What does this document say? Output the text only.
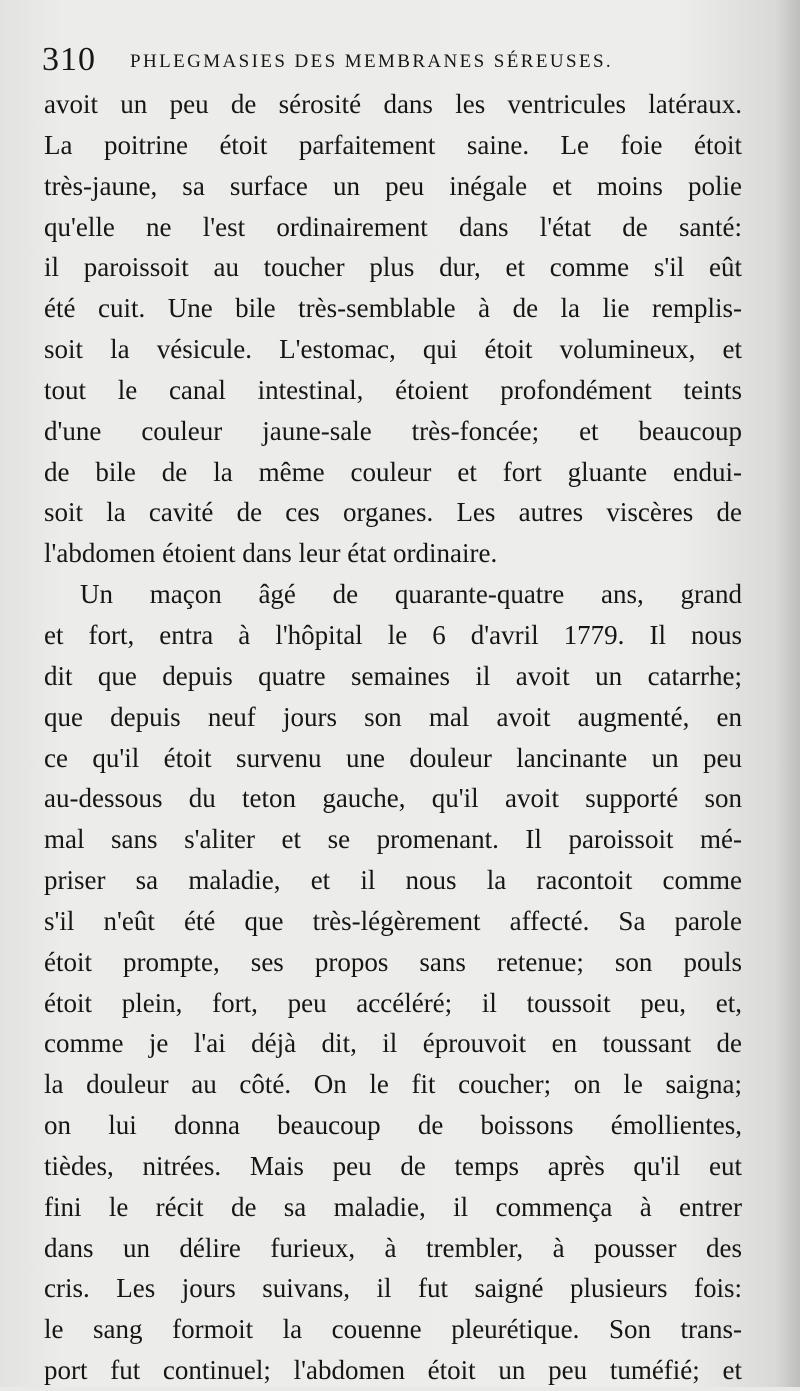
310 PHLEGMASIES DES MEMBRANES SÉREUSES.
avoit un peu de sérosité dans les ventricules latéraux.
La poitrine étoit parfaitement saine. Le foie étoit
très-jaune, sa surface un peu inégale et moins polie
qu'elle ne l'est ordinairement dans l'état de santé:
il paroissoit au toucher plus dur, et comme s'il eût
été cuit. Une bile très-semblable à de la lie remplis-
soit la vésicule. L'estomac, qui étoit volumineux, et
tout le canal intestinal, étoient profondément teints
d'une couleur jaune-sale très-foncée; et beaucoup
de bile de la même couleur et fort gluante endui-
soit la cavité de ces organes. Les autres viscères de
l'abdomen étoient dans leur état ordinaire.
Un maçon âgé de quarante-quatre ans, grand
et fort, entra à l'hôpital le 6 d'avril 1779. Il nous
dit que depuis quatre semaines il avoit un catarrhe;
que depuis neuf jours son mal avoit augmenté, en
ce qu'il étoit survenu une douleur lancinante un peu
au-dessous du teton gauche, qu'il avoit supporté son
mal sans s'aliter et se promenant. Il paroissoit mé-
priser sa maladie, et il nous la racontoit comme
s'il n'eût été que très-légèrement affecté. Sa parole
étoit prompte, ses propos sans retenue; son pouls
étoit plein, fort, peu accéléré; il toussoit peu, et,
comme je l'ai déjà dit, il éprouvoit en toussant de
la douleur au côté. On le fit coucher; on le saigna;
on lui donna beaucoup de boissons émollientes,
tièdes, nitrées. Mais peu de temps après qu'il eut
fini le récit de sa maladie, il commença à entrer
dans un délire furieux, à trembler, à pousser des
cris. Les jours suivans, il fut saigné plusieurs fois:
le sang formoit la couenne pleurétique. Son trans-
port fut continuel; l'abdomen étoit un peu tuméfié; et
